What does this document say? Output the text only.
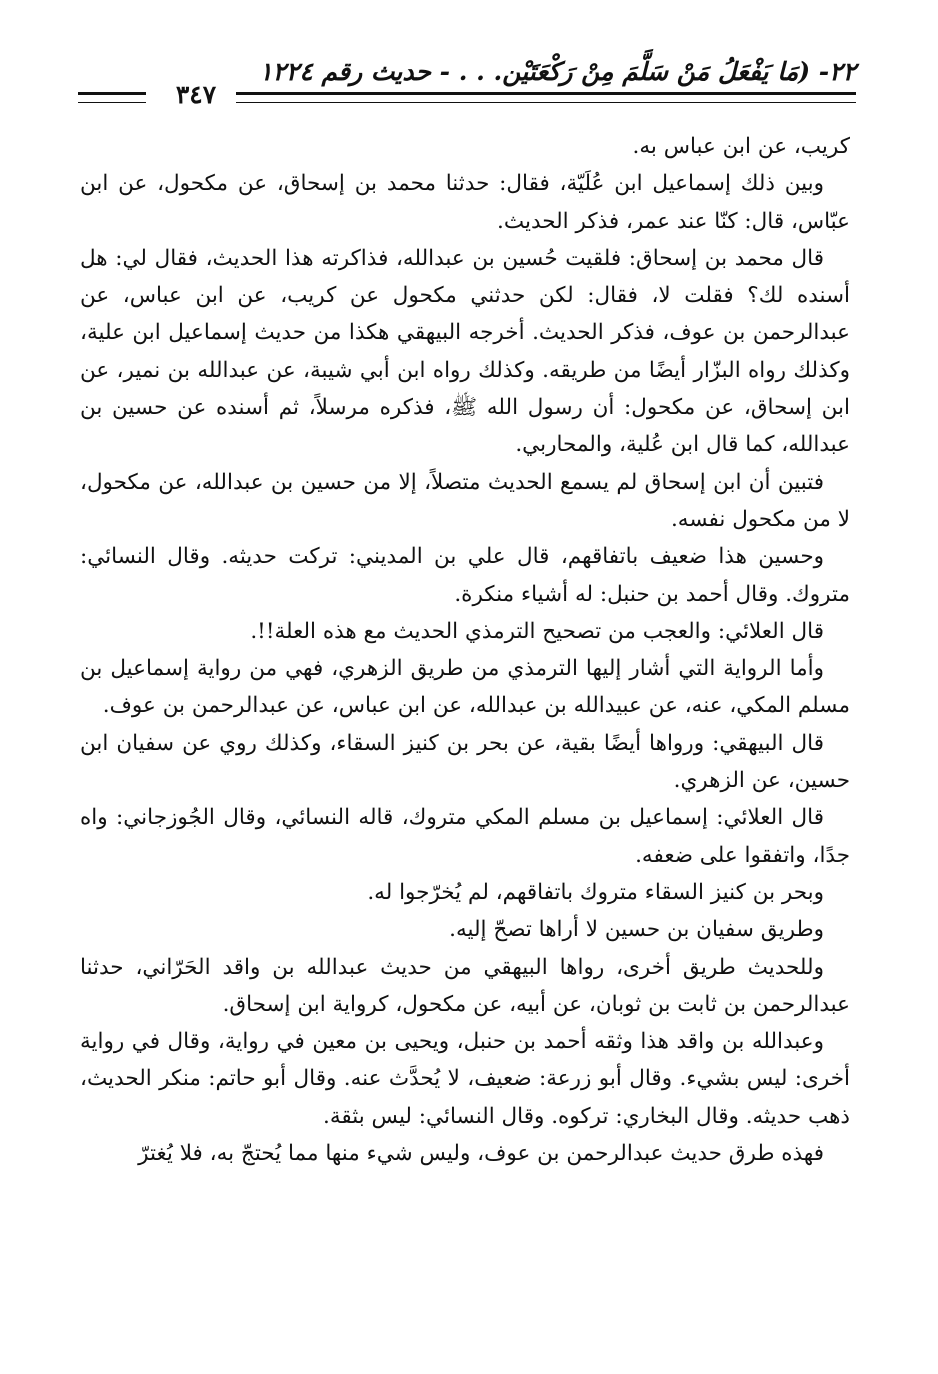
٢٢- (مَا يَفْعَلُ مَنْ سَلَّمَ مِنْ رَكْعَتَيْن. . . - حديث رقم ١٢٢٤
٣٤٧

كريب، عن ابن عباس به.

وبين ذلك إسماعيل ابن عُلَيّة، فقال: حدثنا محمد بن إسحاق، عن مكحول، عن ابن عبّاس، قال: كنّا عند عمر، فذكر الحديث.

قال محمد بن إسحاق: فلقيت حُسين بن عبدالله، فذاكرته هذا الحديث، فقال لي: هل أسنده لك؟ فقلت لا، فقال: لكن حدثني مكحول عن كريب، عن ابن عباس، عن عبدالرحمن بن عوف، فذكر الحديث. أخرجه البيهقي هكذا من حديث إسماعيل ابن علية، وكذلك رواه البزّار أيضًا من طريقه. وكذلك رواه ابن أبي شيبة، عن عبدالله بن نمير، عن ابن إسحاق، عن مكحول: أن رسول الله ﷺ، فذكره مرسلاً، ثم أسنده عن حسين بن عبدالله، كما قال ابن عُلية، والمحاربي.

فتبين أن ابن إسحاق لم يسمع الحديث متصلاً، إلا من حسين بن عبدالله، عن مكحول، لا من مكحول نفسه.

وحسين هذا ضعيف باتفاقهم، قال علي بن المديني: تركت حديثه. وقال النسائي: متروك. وقال أحمد بن حنبل: له أشياء منكرة.

قال العلائي: والعجب من تصحيح الترمذي الحديث مع هذه العلة!!.

وأما الرواية التي أشار إليها الترمذي من طريق الزهري، فهي من رواية إسماعيل بن مسلم المكي، عنه، عن عبيدالله بن عبدالله، عن ابن عباس، عن عبدالرحمن بن عوف.

قال البيهقي: ورواها أيضًا بقية، عن بحر بن كنيز السقاء، وكذلك روي عن سفيان ابن حسين، عن الزهري.

قال العلائي: إسماعيل بن مسلم المكي متروك، قاله النسائي، وقال الجُوزجاني: واه جدًا، واتفقوا على ضعفه.

وبحر بن كنيز السقاء متروك باتفاقهم، لم يُخرّجوا له.

وطريق سفيان بن حسين لا أراها تصحّ إليه.

وللحديث طريق أخرى، رواها البيهقي من حديث عبدالله بن واقد الحَرّاني، حدثنا عبدالرحمن بن ثابت بن ثوبان، عن أبيه، عن مكحول، كرواية ابن إسحاق.

وعبدالله بن واقد هذا وثقه أحمد بن حنبل، ويحيى بن معين في رواية، وقال في رواية أخرى: ليس بشيء. وقال أبو زرعة: ضعيف، لا يُحدَّث عنه. وقال أبو حاتم: منكر الحديث، ذهب حديثه. وقال البخاري: تركوه. وقال النسائي: ليس بثقة.

فهذه طرق حديث عبدالرحمن بن عوف، وليس شيء منها مما يُحتجّ به، فلا يُغترّ
